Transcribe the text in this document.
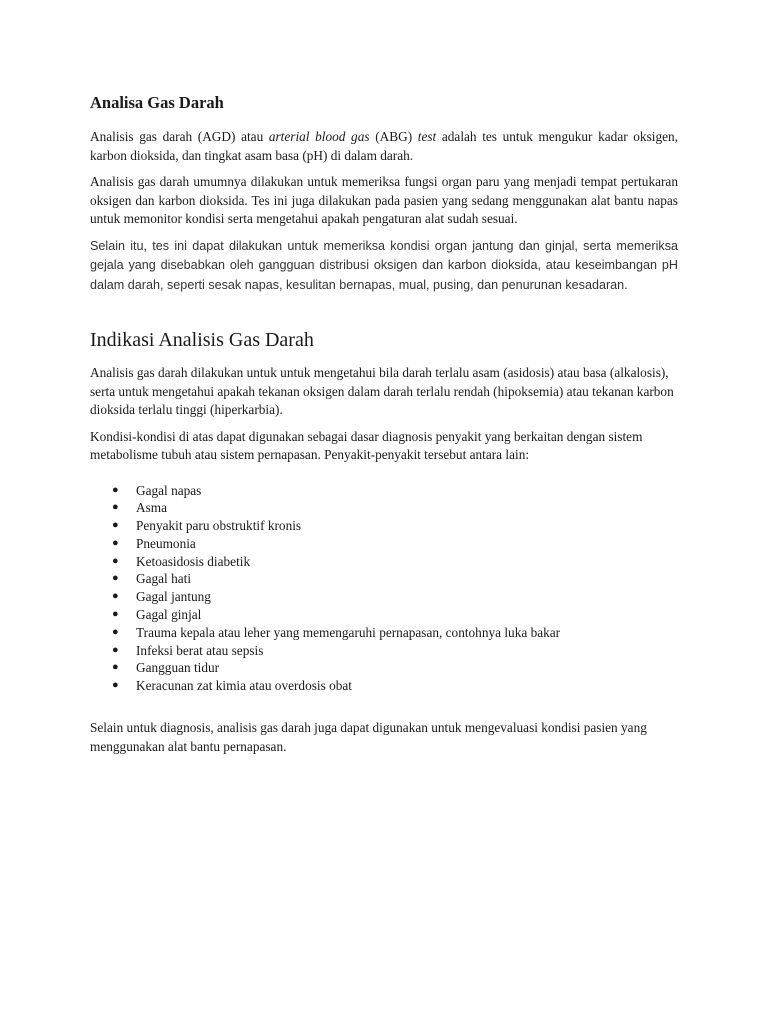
Analisa Gas Darah

Analisis gas darah (AGD) atau arterial blood gas (ABG) test adalah tes untuk mengukur kadar oksigen, karbon dioksida, dan tingkat asam basa (pH) di dalam darah.

Analisis gas darah umumnya dilakukan untuk memeriksa fungsi organ paru yang menjadi tempat pertukaran oksigen dan karbon dioksida. Tes ini juga dilakukan pada pasien yang sedang menggunakan alat bantu napas untuk memonitor kondisi serta mengetahui apakah pengaturan alat sudah sesuai.

Selain itu, tes ini dapat dilakukan untuk memeriksa kondisi organ jantung dan ginjal, serta memeriksa gejala yang disebabkan oleh gangguan distribusi oksigen dan karbon dioksida, atau keseimbangan pH dalam darah, seperti sesak napas, kesulitan bernapas, mual, pusing, dan penurunan kesadaran.

Indikasi Analisis Gas Darah

Analisis gas darah dilakukan untuk untuk mengetahui bila darah terlalu asam (asidosis) atau basa (alkalosis), serta untuk mengetahui apakah tekanan oksigen dalam darah terlalu rendah (hipoksemia) atau tekanan karbon dioksida terlalu tinggi (hiperkarbia).

Kondisi-kondisi di atas dapat digunakan sebagai dasar diagnosis penyakit yang berkaitan dengan sistem metabolisme tubuh atau sistem pernapasan. Penyakit-penyakit tersebut antara lain:

● Gagal napas
● Asma
● Penyakit paru obstruktif kronis
● Pneumonia
● Ketoasidosis diabetik
● Gagal hati
● Gagal jantung
● Gagal ginjal
● Trauma kepala atau leher yang memengaruhi pernapasan, contohnya luka bakar
● Infeksi berat atau sepsis
● Gangguan tidur
● Keracunan zat kimia atau overdosis obat

Selain untuk diagnosis, analisis gas darah juga dapat digunakan untuk mengevaluasi kondisi pasien yang menggunakan alat bantu pernapasan.
